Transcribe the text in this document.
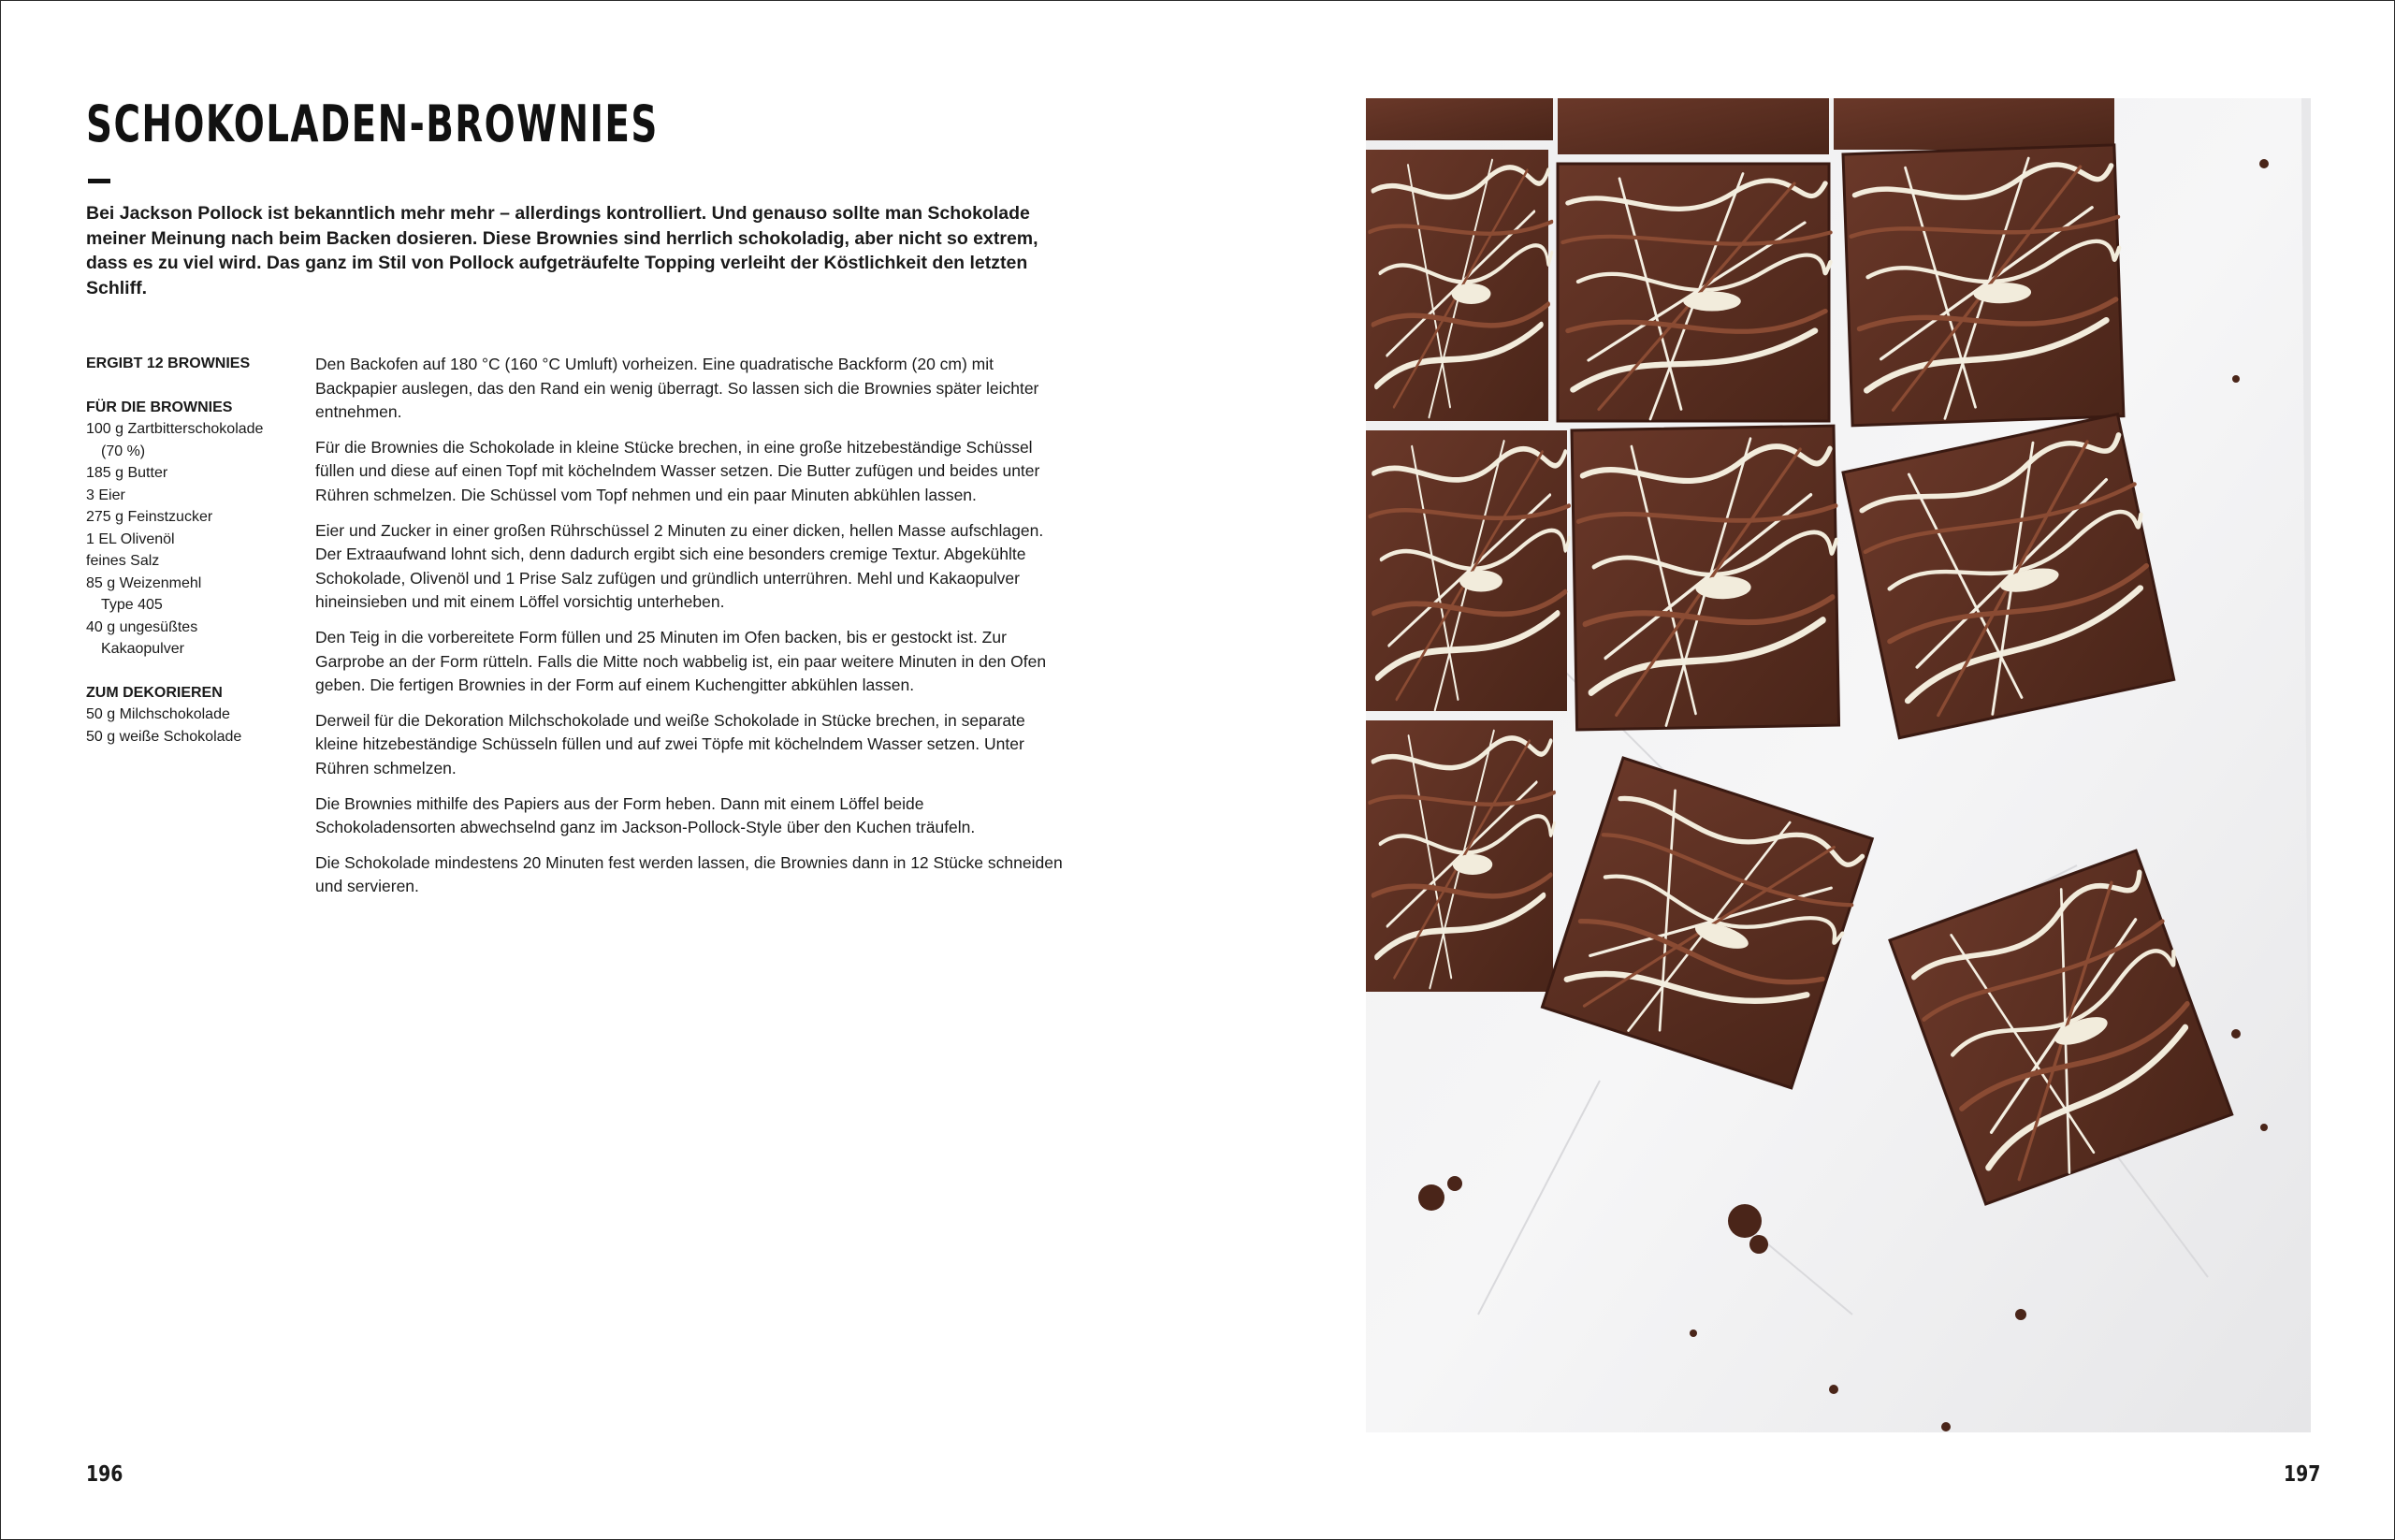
SCHOKOLADEN-BROWNIES
Bei Jackson Pollock ist bekanntlich mehr mehr – allerdings kontrolliert. Und genauso sollte man Schokolade meiner Meinung nach beim Backen dosieren. Diese Brownies sind herrlich schokoladig, aber nicht so extrem, dass es zu viel wird. Das ganz im Stil von Pollock aufgeträufelte Topping verleiht der Köstlichkeit den letzten Schliff.
ERGIBT 12 BROWNIES
FÜR DIE BROWNIES
100 g Zartbitterschokolade
(70 %)
185 g Butter
3 Eier
275 g Feinstzucker
1 EL Olivenöl
feines Salz
85 g Weizenmehl
Type 405
40 g ungesüßtes
Kakaopulver
ZUM DEKORIEREN
50 g Milchschokolade
50 g weiße Schokolade

Den Backofen auf 180 °C (160 °C Umluft) vorheizen. Eine quadratische Backform (20 cm) mit Backpapier auslegen, das den Rand ein wenig überragt. So lassen sich die Brownies später leichter entnehmen.

Für die Brownies die Schokolade in kleine Stücke brechen, in eine große hitzebeständige Schüssel füllen und diese auf einen Topf mit köchelndem Wasser setzen. Die Butter zufügen und beides unter Rühren schmelzen. Die Schüssel vom Topf nehmen und ein paar Minuten abkühlen lassen.

Eier und Zucker in einer großen Rührschüssel 2 Minuten zu einer dicken, hellen Masse aufschlagen. Der Extraaufwand lohnt sich, denn dadurch ergibt sich eine besonders cremige Textur. Abgekühlte Schokolade, Olivenöl und 1 Prise Salz zufügen und gründlich unterrühren. Mehl und Kakaopulver hineinsieben und mit einem Löffel vorsichtig unterheben.

Den Teig in die vorbereitete Form füllen und 25 Minuten im Ofen backen, bis er gestockt ist. Zur Garprobe an der Form rütteln. Falls die Mitte noch wabbelig ist, ein paar weitere Minuten in den Ofen geben. Die fertigen Brownies in der Form auf einem Kuchengitter abkühlen lassen.

Derweil für die Dekoration Milchschokolade und weiße Schokolade in Stücke brechen, in separate kleine hitzebeständige Schüsseln füllen und auf zwei Töpfe mit köchelndem Wasser setzen. Unter Rühren schmelzen.

Die Brownies mithilfe des Papiers aus der Form heben. Dann mit einem Löffel beide Schokoladensorten abwechselnd ganz im Jackson-Pollock-Style über den Kuchen träufeln.

Die Schokolade mindestens 20 Minuten fest werden lassen, die Brownies dann in 12 Stücke schneiden und servieren.

196	197
